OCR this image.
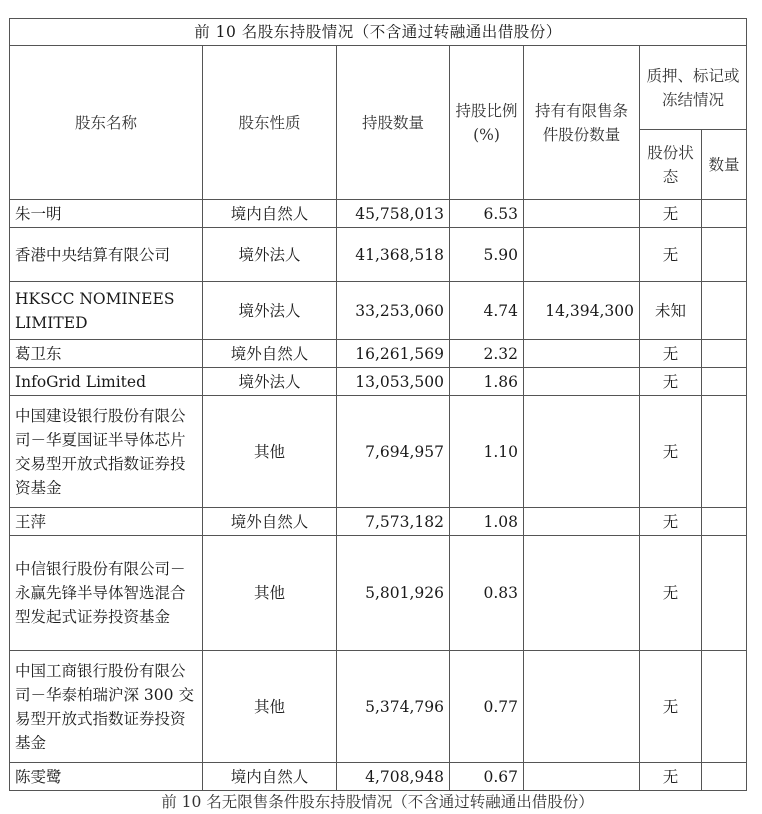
前 10 名股东持股情况（不含通过转融通出借股份）						
股东名称	股东性质	持股数量	持股比例(%)	持有有限售条件股份数量	质押、标记或冻结情况	
					股份状态	数量
朱一明	境内自然人	45,758,013	6.53		无	
香港中央结算有限公司	境外法人	41,368,518	5.90		无	
HKSCC NOMINEES LIMITED	境外法人	33,253,060	4.74	14,394,300	未知	
葛卫东	境外自然人	16,261,569	2.32		无	
InfoGrid Limited	境外法人	13,053,500	1.86		无	
中国建设银行股份有限公司－华夏国证半导体芯片交易型开放式指数证券投资基金	其他	7,694,957	1.10		无	
王萍	境外自然人	7,573,182	1.08		无	
中信银行股份有限公司－永赢先锋半导体智选混合型发起式证券投资基金	其他	5,801,926	0.83		无	
中国工商银行股份有限公司－华泰柏瑞沪深 300 交易型开放式指数证券投资基金	其他	5,374,796	0.77		无	
陈雯鹭	境内自然人	4,708,948	0.67		无	
前 10 名无限售条件股东持股情况（不含通过转融通出借股份）
